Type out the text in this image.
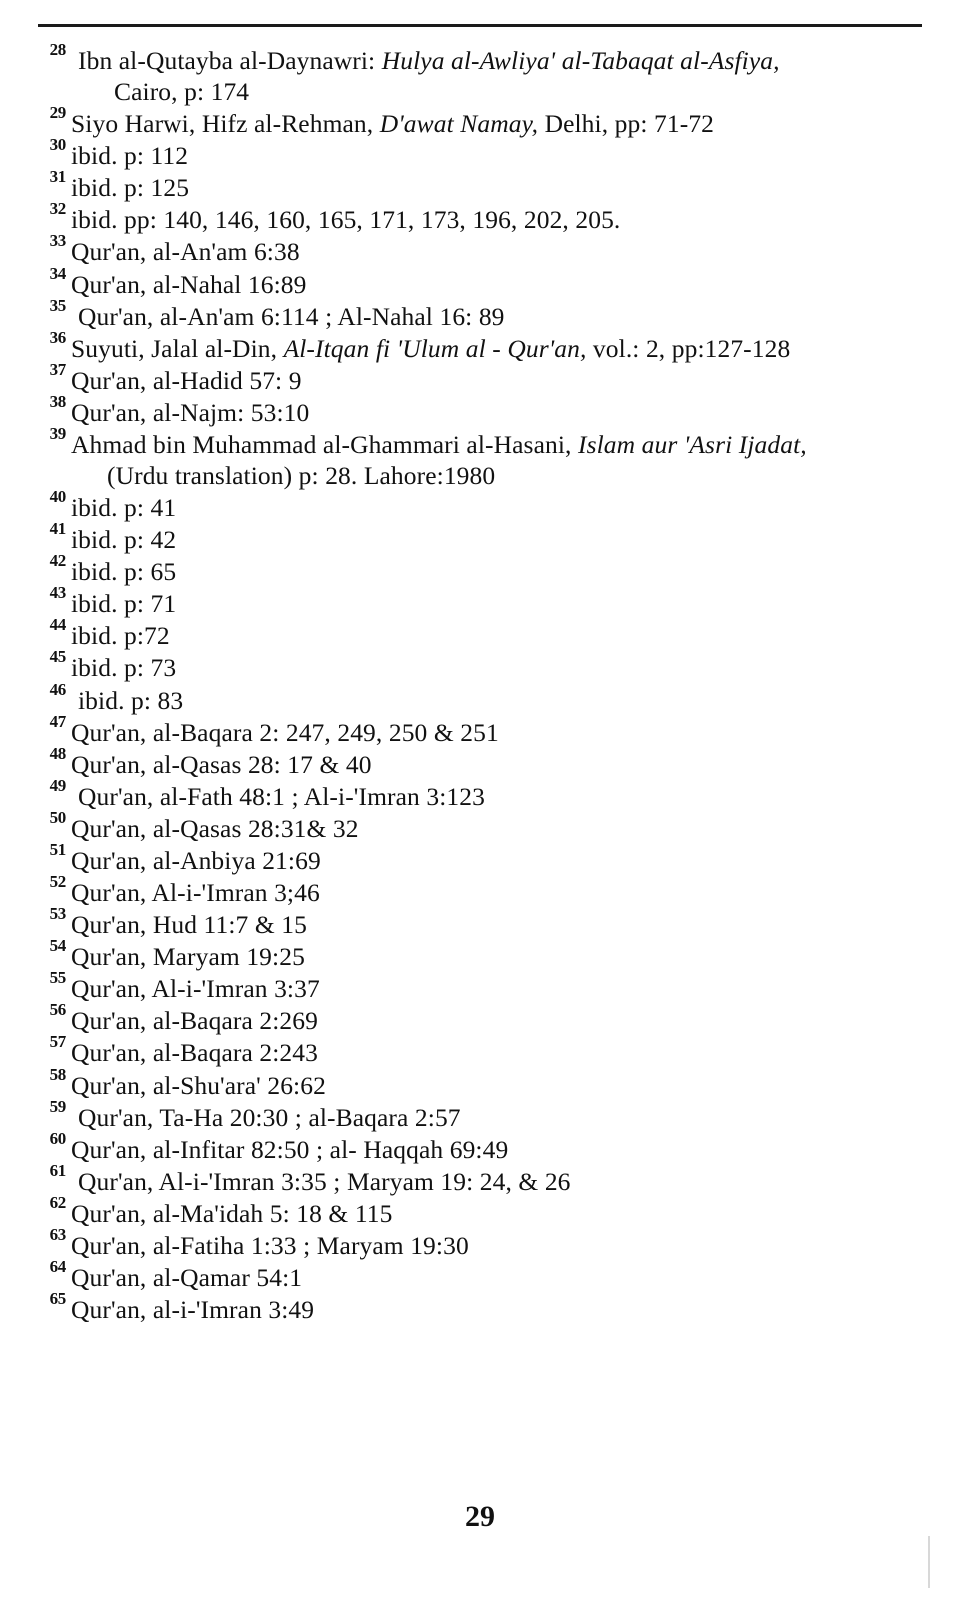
$^{28}$ Ibn al-Qutayba al-Daynawri: Hulya al-Awliya' al-Tabaqat al-Asfiya,
Cairo, p: 174
$^{29}$ Siyo Harwi, Hifz al-Rehman, D'awat Namay, Delhi, pp: 71-72
$^{30}$ ibid. p: 112
$^{31}$ ibid. p: 125
$^{32}$ ibid. pp: 140, 146, 160, 165, 171, 173, 196, 202, 205.
$^{33}$ Qur'an, al-An'am 6:38
$^{34}$ Qur'an, al-Nahal 16:89
$^{35}$ Qur'an, al-An'am 6:114 ; Al-Nahal 16: 89
$^{36}$ Suyuti, Jalal al-Din, Al-Itqan fi 'Ulum al - Qur'an, vol.: 2, pp:127-128
$^{37}$ Qur'an, al-Hadid 57: 9
$^{38}$ Qur'an, al-Najm: 53:10
$^{39}$ Ahmad bin Muhammad al-Ghammari al-Hasani, Islam aur 'Asri Ijadat,
(Urdu translation) p: 28. Lahore:1980
$^{40}$ ibid. p: 41
$^{41}$ ibid. p: 42
$^{42}$ ibid. p: 65
$^{43}$ ibid. p: 71
$^{44}$ ibid. p:72
$^{45}$ ibid. p: 73
$^{46}$ ibid. p: 83
$^{47}$ Qur'an, al-Baqara 2: 247, 249, 250 & 251
$^{48}$ Qur'an, al-Qasas 28: 17 & 40
$^{49}$ Qur'an, al-Fath 48:1 ; Al-i-'Imran 3:123
$^{50}$ Qur'an, al-Qasas 28:31& 32
$^{51}$ Qur'an, al-Anbiya 21:69
$^{52}$ Qur'an, Al-i-'Imran 3;46
$^{53}$ Qur'an, Hud 11:7 & 15
$^{54}$ Qur'an, Maryam 19:25
$^{55}$ Qur'an, Al-i-'Imran 3:37
$^{56}$ Qur'an, al-Baqara 2:269
$^{57}$ Qur'an, al-Baqara 2:243
$^{58}$ Qur'an, al-Shu'ara' 26:62
$^{59}$ Qur'an, Ta-Ha 20:30 ; al-Baqara 2:57
$^{60}$ Qur'an, al-Infitar 82:50 ; al- Haqqah 69:49
$^{61}$ Qur'an, Al-i-'Imran 3:35 ; Maryam 19: 24, & 26
$^{62}$ Qur'an, al-Ma'idah 5: 18 & 115
$^{63}$ Qur'an, al-Fatiha 1:33 ; Maryam 19:30
$^{64}$ Qur'an, al-Qamar 54:1
$^{65}$ Qur'an, al-i-'Imran 3:49
29
